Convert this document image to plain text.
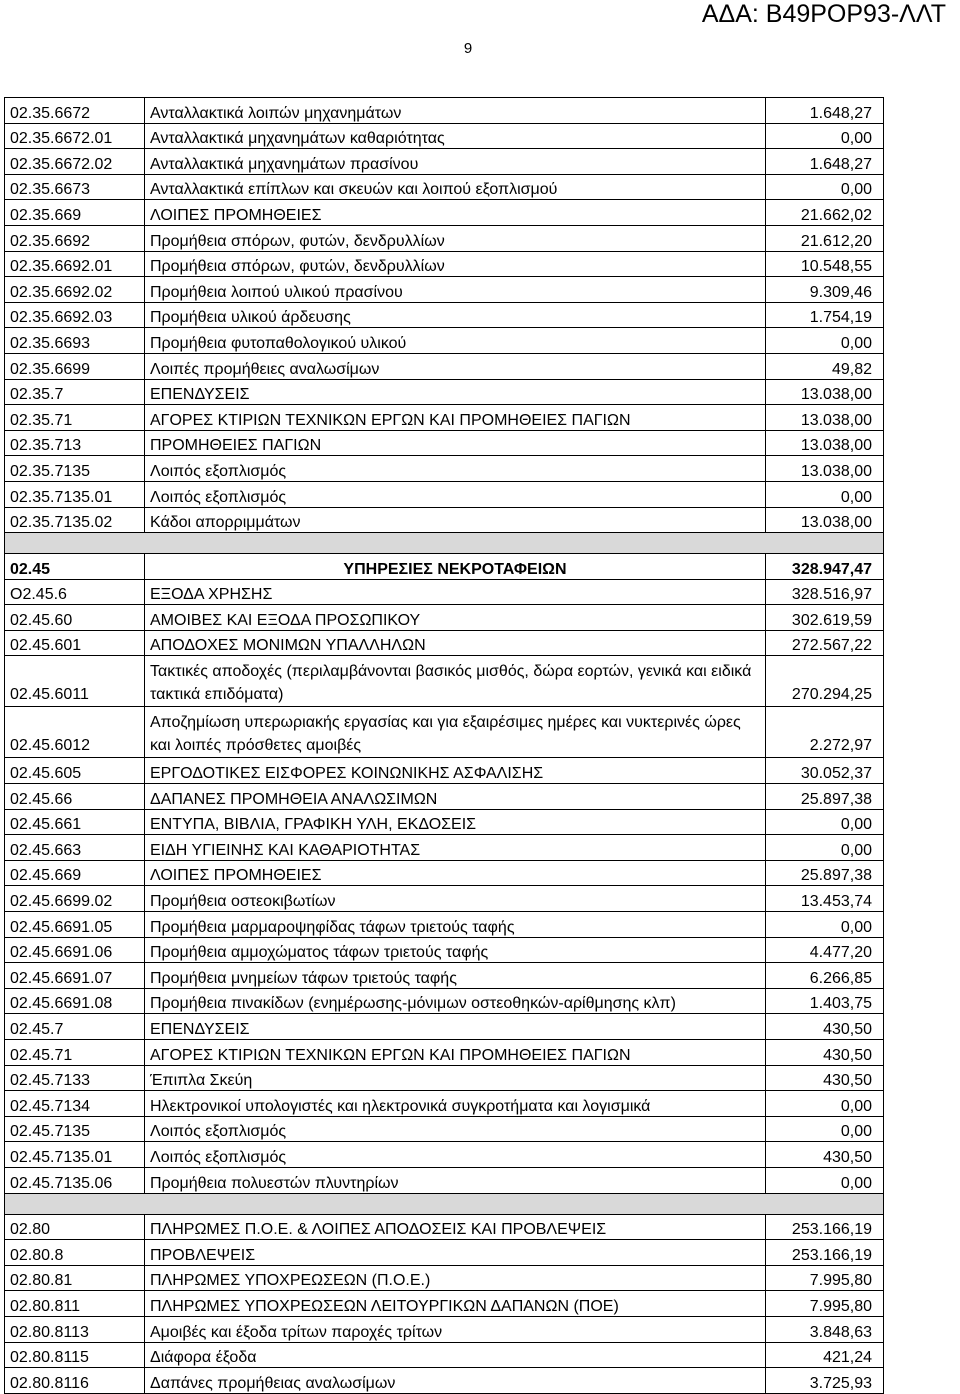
ΑΔΑ: Β49ΡΟΡ93-ΛΛΤ
9
02.35.6672	Ανταλλακτικά λοιπών μηχανημάτων	1.648,27
02.35.6672.01	Ανταλλακτικά μηχανημάτων καθαριότητας	0,00
02.35.6672.02	Ανταλλακτικά μηχανημάτων πρασίνου	1.648,27
02.35.6673	Ανταλλακτικά επίπλων και σκευών και λοιπού εξοπλισμού	0,00
02.35.669	ΛΟΙΠΕΣ ΠΡΟΜΗΘΕΙΕΣ	21.662,02
02.35.6692	Προμήθεια σπόρων, φυτών, δενδρυλλίων	21.612,20
02.35.6692.01	Προμήθεια σπόρων, φυτών, δενδρυλλίων	10.548,55
02.35.6692.02	Προμήθεια λοιπού υλικού πρασίνου	9.309,46
02.35.6692.03	Προμήθεια υλικού άρδευσης	1.754,19
02.35.6693	Προμήθεια φυτοπαθολογικού υλικού	0,00
02.35.6699	Λοιπές προμήθειες αναλωσίμων	49,82
02.35.7	ΕΠΕΝΔΥΣΕΙΣ	13.038,00
02.35.71	ΑΓΟΡΕΣ ΚΤΙΡΙΩΝ ΤΕΧΝΙΚΩΝ ΕΡΓΩΝ ΚΑΙ ΠΡΟΜΗΘΕΙΕΣ ΠΑΓΙΩΝ	13.038,00
02.35.713	ΠΡΟΜΗΘΕΙΕΣ ΠΑΓΙΩΝ	13.038,00
02.35.7135	Λοιπός εξοπλισμός	13.038,00
02.35.7135.01	Λοιπός εξοπλισμός	0,00
02.35.7135.02	Κάδοι απορριμμάτων	13.038,00

02.45	ΥΠΗΡΕΣΙΕΣ ΝΕΚΡΟΤΑΦΕΙΩΝ	328.947,47
O2.45.6	ΕΞΟΔΑ ΧΡΗΣΗΣ	328.516,97
02.45.60	ΑΜΟΙΒΕΣ ΚΑΙ ΕΞΟΔΑ ΠΡΟΣΩΠΙΚΟΥ	302.619,59
02.45.601	ΑΠΟΔΟΧΕΣ ΜΟΝΙΜΩΝ ΥΠΑΛΛΗΛΩΝ	272.567,22
02.45.6011	Τακτικές αποδοχές (περιλαμβάνονται βασικός μισθός, δώρα εορτών, γενικά και ειδικά τακτικά επιδόματα)	270.294,25
02.45.6012	Αποζημίωση υπερωριακής εργασίας και για εξαιρέσιμες ημέρες και νυκτερινές ώρες και λοιπές πρόσθετες αμοιβές	2.272,97
02.45.605	ΕΡΓΟΔΟΤΙΚΕΣ ΕΙΣΦΟΡΕΣ ΚΟΙΝΩΝΙΚΗΣ ΑΣΦΑΛΙΣΗΣ	30.052,37
02.45.66	ΔΑΠΑΝΕΣ ΠΡΟΜΗΘΕΙΑ ΑΝΑΛΩΣΙΜΩΝ	25.897,38
02.45.661	ΕΝΤΥΠΑ, ΒΙΒΛΙΑ, ΓΡΑΦΙΚΗ ΥΛΗ, ΕΚΔΟΣΕΙΣ	0,00
02.45.663	ΕΙΔΗ ΥΓΙΕΙΝΗΣ ΚΑΙ ΚΑΘΑΡΙΟΤΗΤΑΣ	0,00
02.45.669	ΛΟΙΠΕΣ ΠΡΟΜΗΘΕΙΕΣ	25.897,38
02.45.6699.02	Προμήθεια οστεοκιβωτίων	13.453,74
02.45.6691.05	Προμήθεια μαρμαροψηφίδας τάφων τριετούς ταφής	0,00
02.45.6691.06	Προμήθεια αμμοχώματος τάφων τριετούς ταφής	4.477,20
02.45.6691.07	Προμήθεια μνημείων τάφων τριετούς ταφής	6.266,85
02.45.6691.08	Προμήθεια πινακίδων (ενημέρωσης-μόνιμων οστεοθηκών-αρίθμησης κλπ)	1.403,75
02.45.7	ΕΠΕΝΔΥΣΕΙΣ	430,50
02.45.71	ΑΓΟΡΕΣ ΚΤΙΡΙΩΝ ΤΕΧΝΙΚΩΝ ΕΡΓΩΝ ΚΑΙ ΠΡΟΜΗΘΕΙΕΣ ΠΑΓΙΩΝ	430,50
02.45.7133	Έπιπλα Σκεύη	430,50
02.45.7134	Ηλεκτρονικοί υπολογιστές και ηλεκτρονικά συγκροτήματα και λογισμικά	0,00
02.45.7135	Λοιπός εξοπλισμός	0,00
02.45.7135.01	Λοιπός εξοπλισμός	430,50
02.45.7135.06	Προμήθεια πολυεστών πλυντηρίων	0,00

02.80	ΠΛΗΡΩΜΕΣ Π.Ο.Ε. & ΛΟΙΠΕΣ ΑΠΟΔΟΣΕΙΣ ΚΑΙ ΠΡΟΒΛΕΨΕΙΣ	253.166,19
02.80.8	ΠΡΟΒΛΕΨΕΙΣ	253.166,19
02.80.81	ΠΛΗΡΩΜΕΣ ΥΠΟΧΡΕΩΣΕΩΝ (Π.Ο.Ε.)	7.995,80
02.80.811	ΠΛΗΡΩΜΕΣ ΥΠΟΧΡΕΩΣΕΩΝ ΛΕΙΤΟΥΡΓΙΚΩΝ ΔΑΠΑΝΩΝ (ΠΟΕ)	7.995,80
02.80.8113	Αμοιβές και έξοδα τρίτων παροχές τρίτων	3.848,63
02.80.8115	Διάφορα έξοδα	421,24
02.80.8116	Δαπάνες προμήθειας αναλωσίμων	3.725,93
